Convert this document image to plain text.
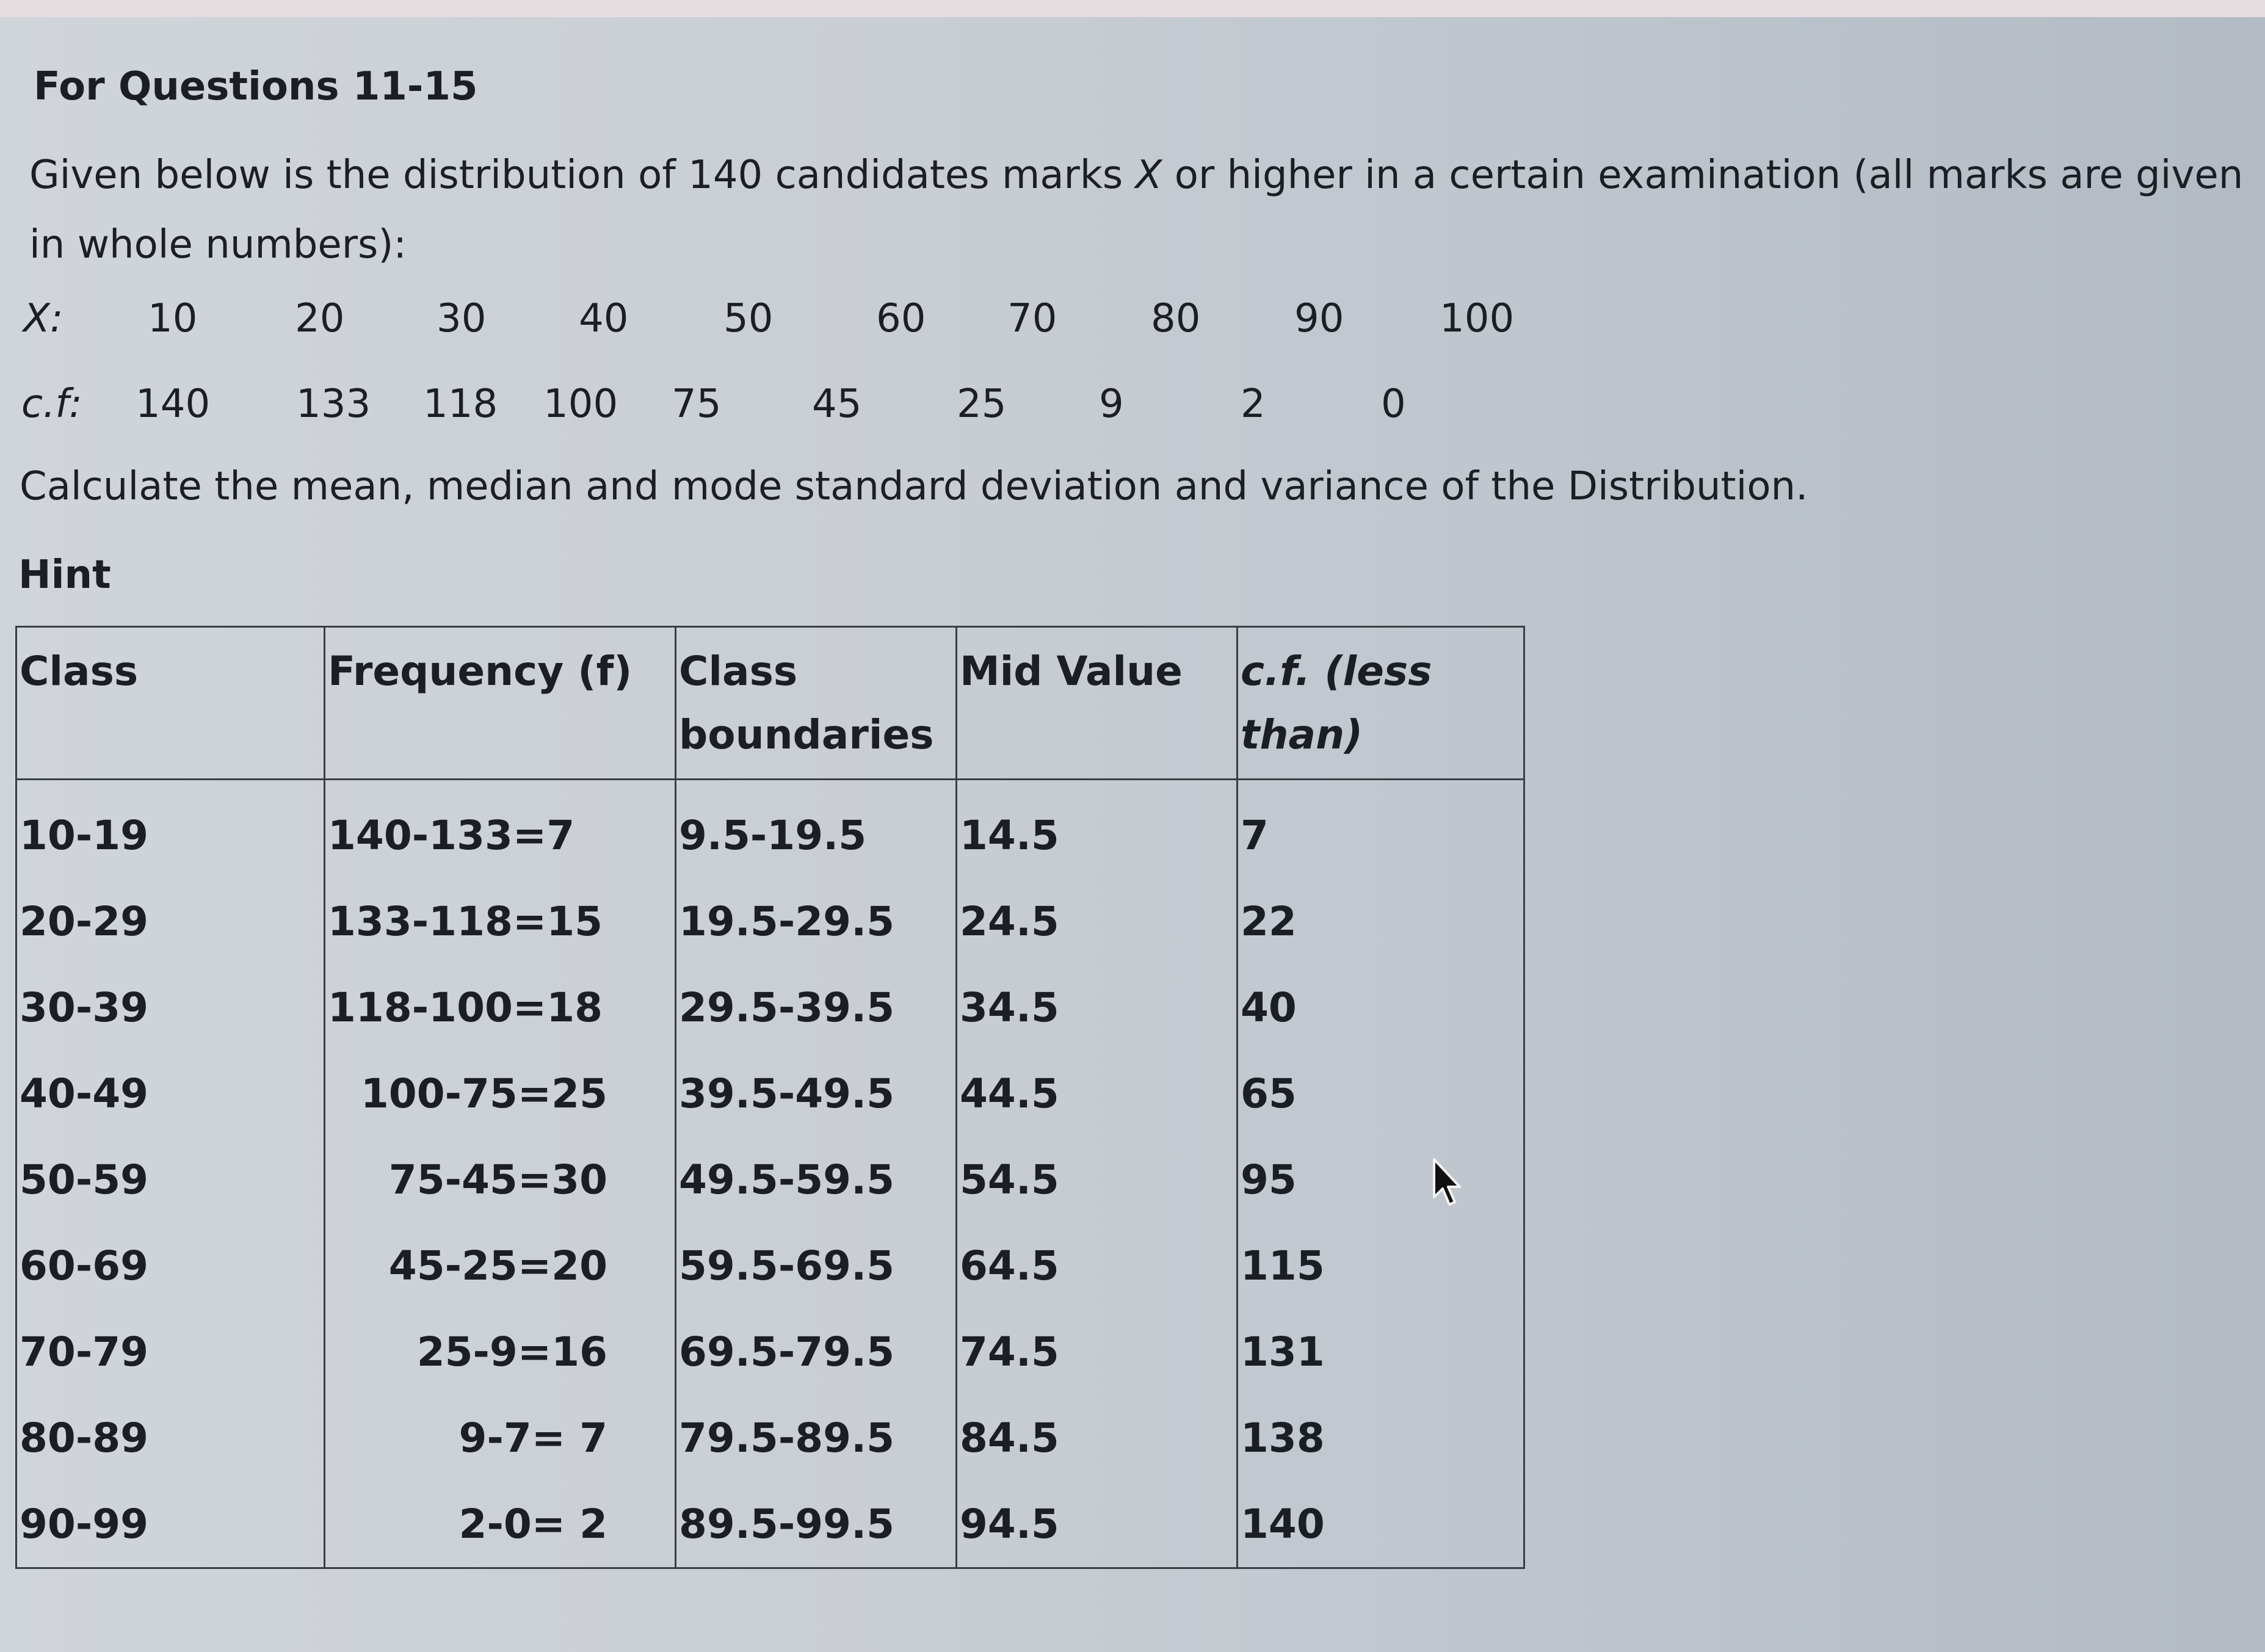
For Questions 11-15

Given below is the distribution of 140 candidates marks X or higher in a certain examination (all marks are given in whole numbers):

X: 10 20 30 40 50	60 70 80 90 100
c.f: 140 133 118 100 75 45 25 9	2	0

Calculate the mean, median and mode standard deviation and variance of the Distribution.

Hint

Class	Frequency (f)	Class boundaries	Mid Value	c.f. (less than)
10-19	140-133=7	9.5-19.5	14.5	7
20-29	133-118=15	19.5-29.5	24.5	22
30-39	118-100=18	29.5-39.5	34.5	40
40-49	100-75=25	39.5-49.5	44.5	65
50-59	75-45=30	49.5-59.5	54.5	95
60-69	45-25=20	59.5-69.5	64.5	115
70-79	25-9=16	69.5-79.5	74.5	131
80-89	9-7= 7	79.5-89.5	84.5	138
90-99	2-0= 2	89.5-99.5	94.5	140
